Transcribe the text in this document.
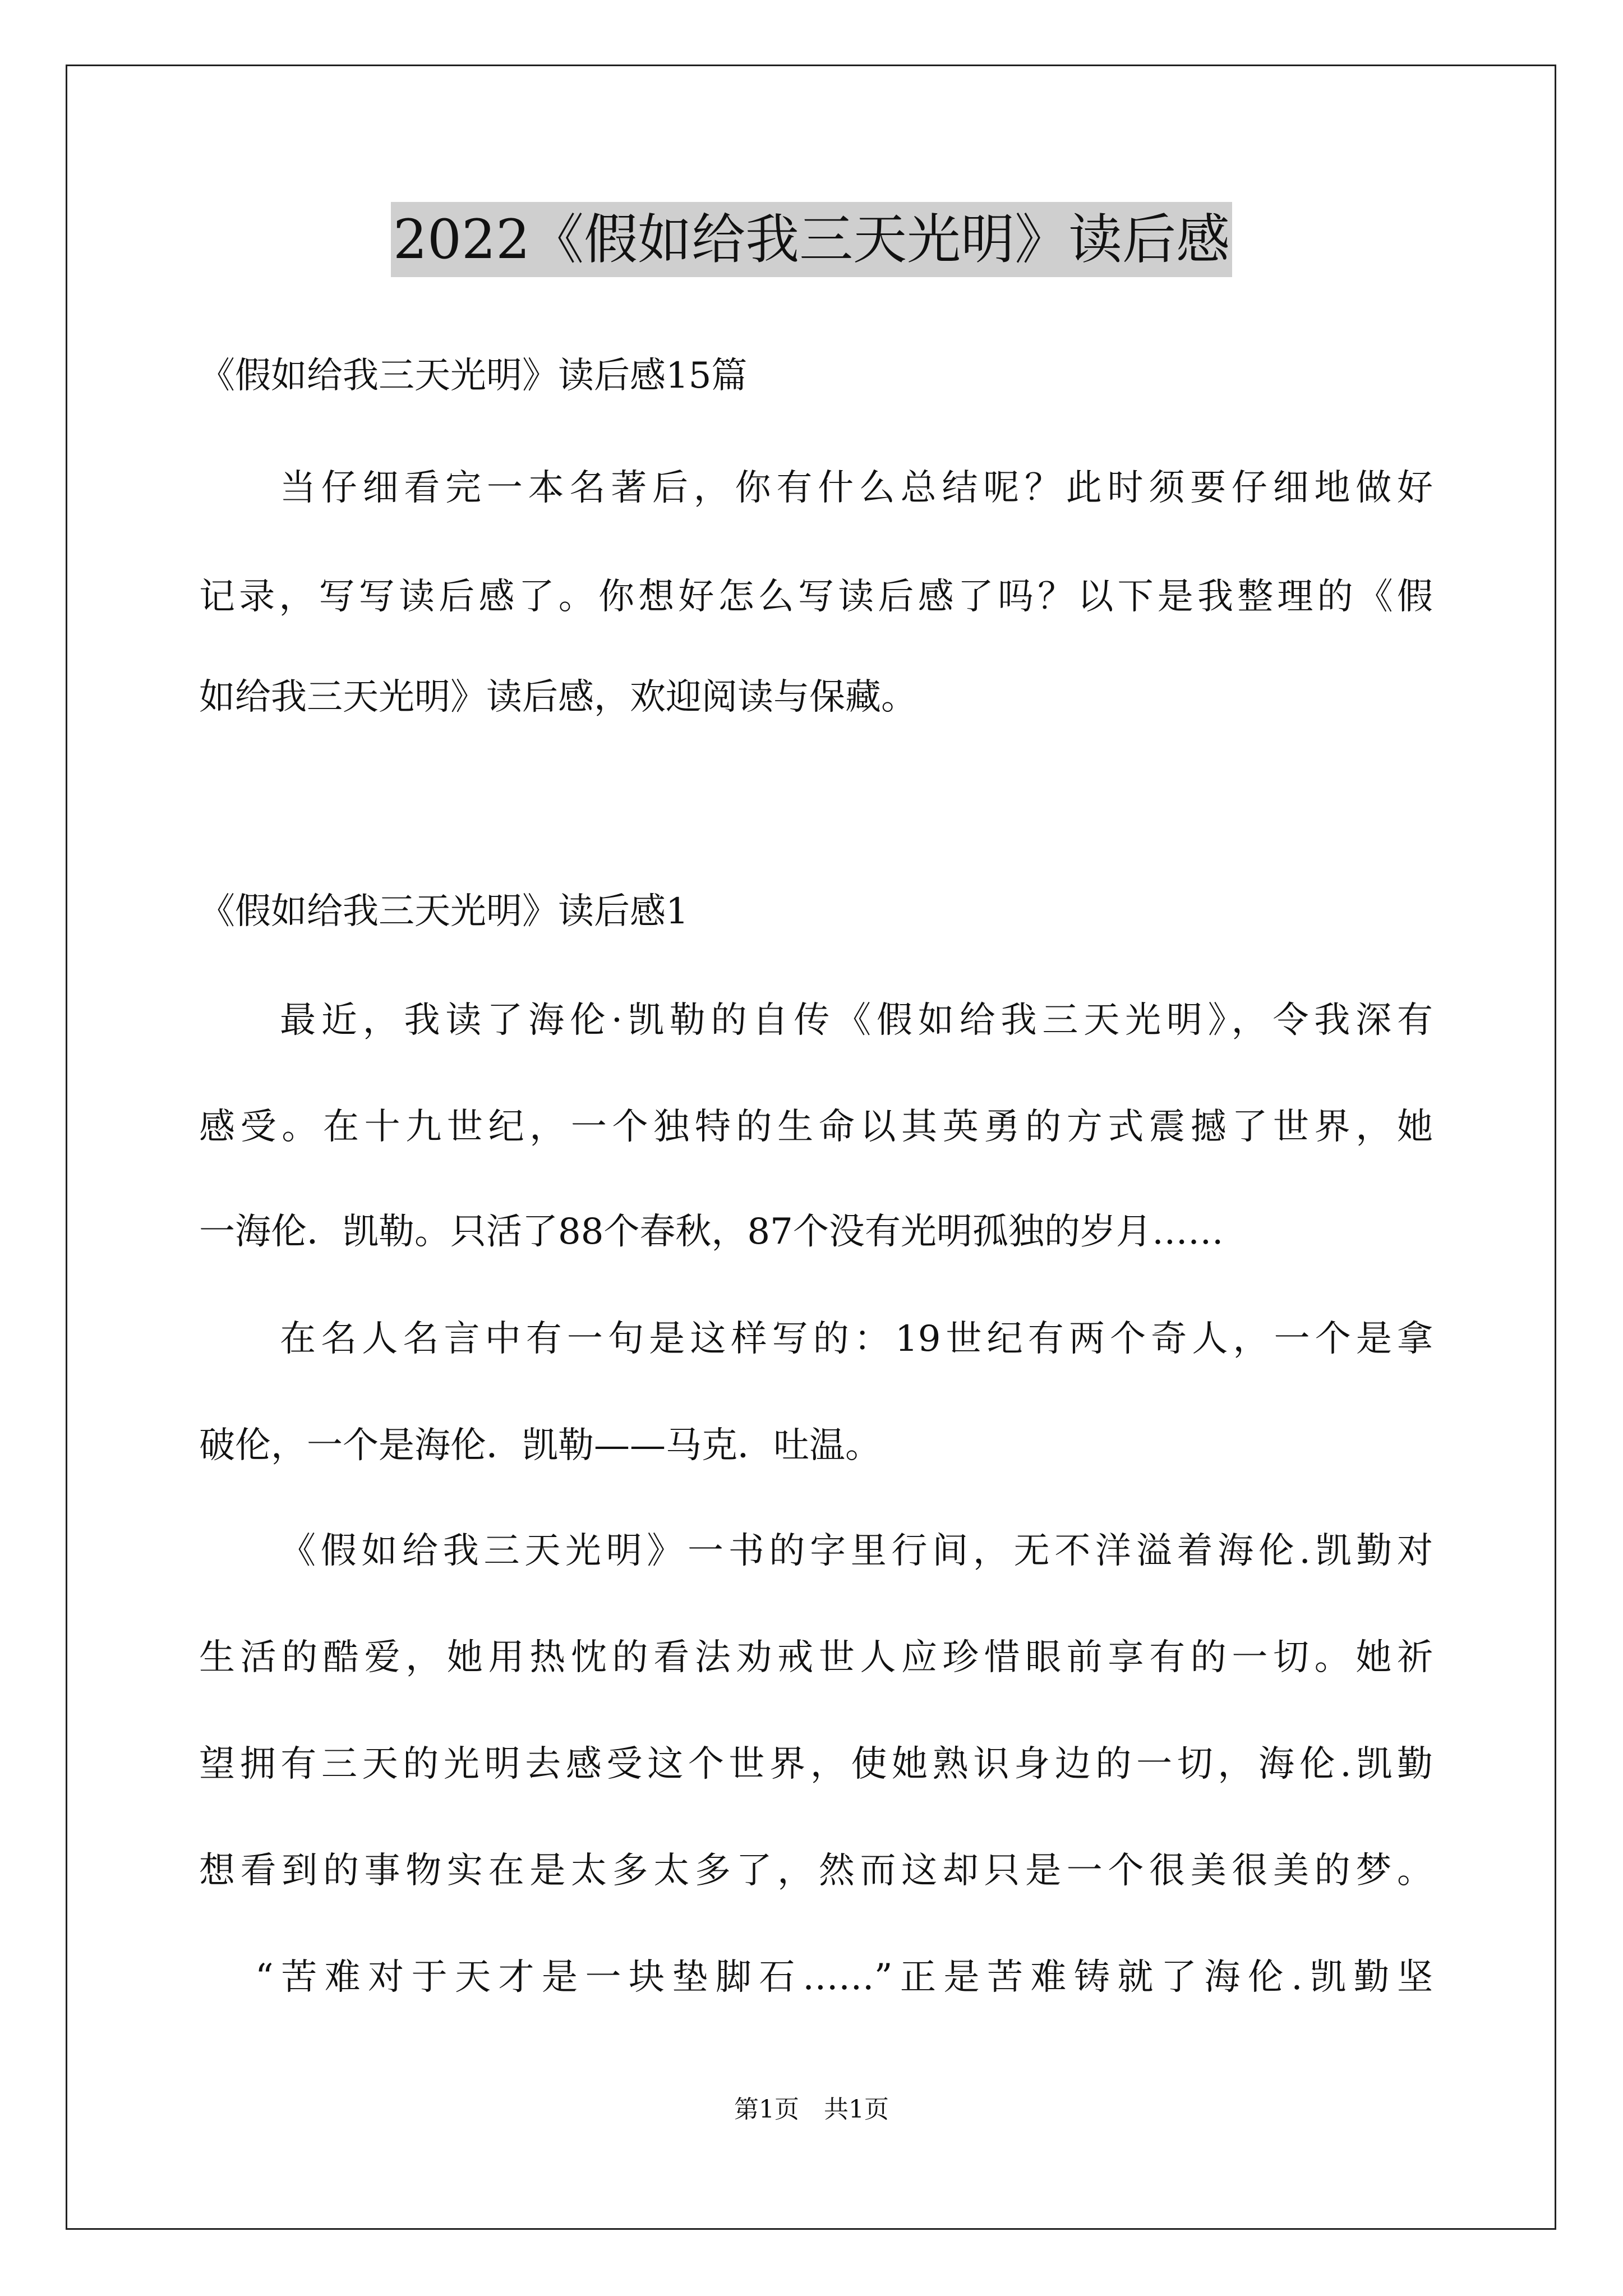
2022《假如给我三天光明》读后感
《假如给我三天光明》读后感15篇
当仔细看完一本名著后，你有什么总结呢？此时须要仔细地做好
记录，写写读后感了。你想好怎么写读后感了吗？以下是我整理的《假
如给我三天光明》读后感，欢迎阅读与保藏。
《假如给我三天光明》读后感1
最近，我读了海伦·凯勒的自传《假如给我三天光明》，令我深有
感受。在十九世纪，一个独特的生命以其英勇的方式震撼了世界，她
一海伦．凯勒。只活了88个春秋，87个没有光明孤独的岁月……
在名人名言中有一句是这样写的：19世纪有两个奇人，一个是拿
破伦，一个是海伦．凯勒——马克．吐温。
《假如给我三天光明》一书的字里行间，无不洋溢着海伦.凯勤对
生活的酷爱，她用热忱的看法劝戒世人应珍惜眼前享有的一切。她祈
望拥有三天的光明去感受这个世界，使她熟识身边的一切，海伦.凯勤
想看到的事物实在是太多太多了，然而这却只是一个很美很美的梦。
“苦难对于天才是一块垫脚石……”正是苦难铸就了海伦.凯勤坚
第1页　共1页
